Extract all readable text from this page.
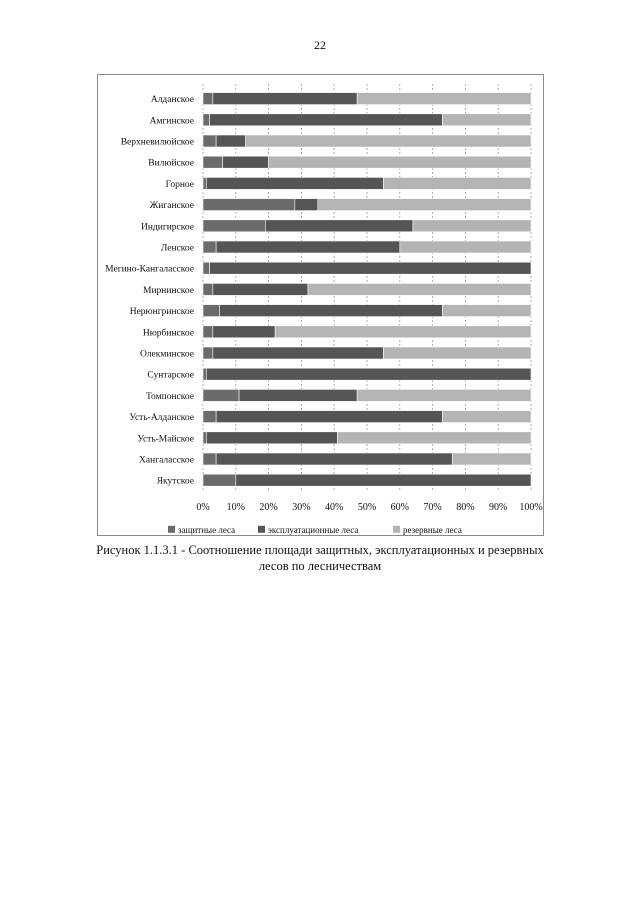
22
Алданское
Амгинское
Верхневилюйское
Вилюйское
Горное
Жиганское
Индигирское
Ленское
Мегино-Кангаласское
Мирнинское
Нерюнгринское
Нюрбинское
Олекминское
Сунтарское
Томпонское
Усть-Алданское
Усть-Майское
Хангаласское
Якутское
0% 10% 20% 30% 40% 50% 60% 70% 80% 90% 100%
защитные леса	эксплуатационные леса	резервные леса
Рисунок 1.1.3.1 - Соотношение площади защитных, эксплуатационных и резервных
лесов по лесничествам
